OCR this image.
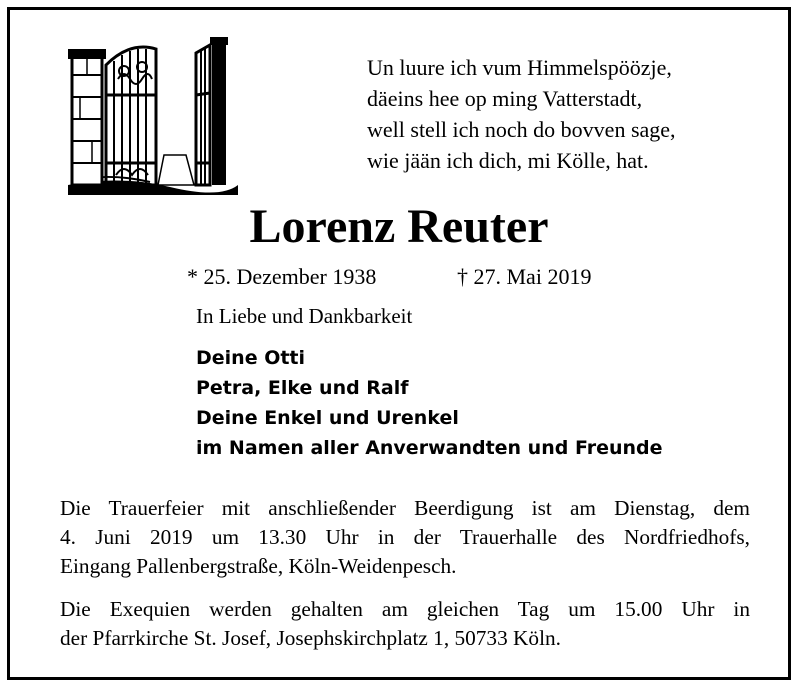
Un luure ich vum Himmelspöözje,
däeins hee op ming Vatterstadt,
well stell ich noch do bovven sage,
wie jään ich dich, mi Kölle, hat.
Lorenz Reuter
* 25. Dezember 1938	† 27. Mai 2019
In Liebe und Dankbarkeit
Deine Otti
Petra, Elke und Ralf
Deine Enkel und Urenkel
im Namen aller Anverwandten und Freunde

Die Trauerfeier mit anschließender Beerdigung ist am Dienstag, dem
4. Juni 2019 um 13.30 Uhr in der Trauerhalle des Nordfriedhofs,
Eingang Pallenbergstraße, Köln-Weidenpesch.

Die Exequien werden gehalten am gleichen Tag um 15.00 Uhr in
der Pfarrkirche St. Josef, Josephskirchplatz 1, 50733 Köln.
